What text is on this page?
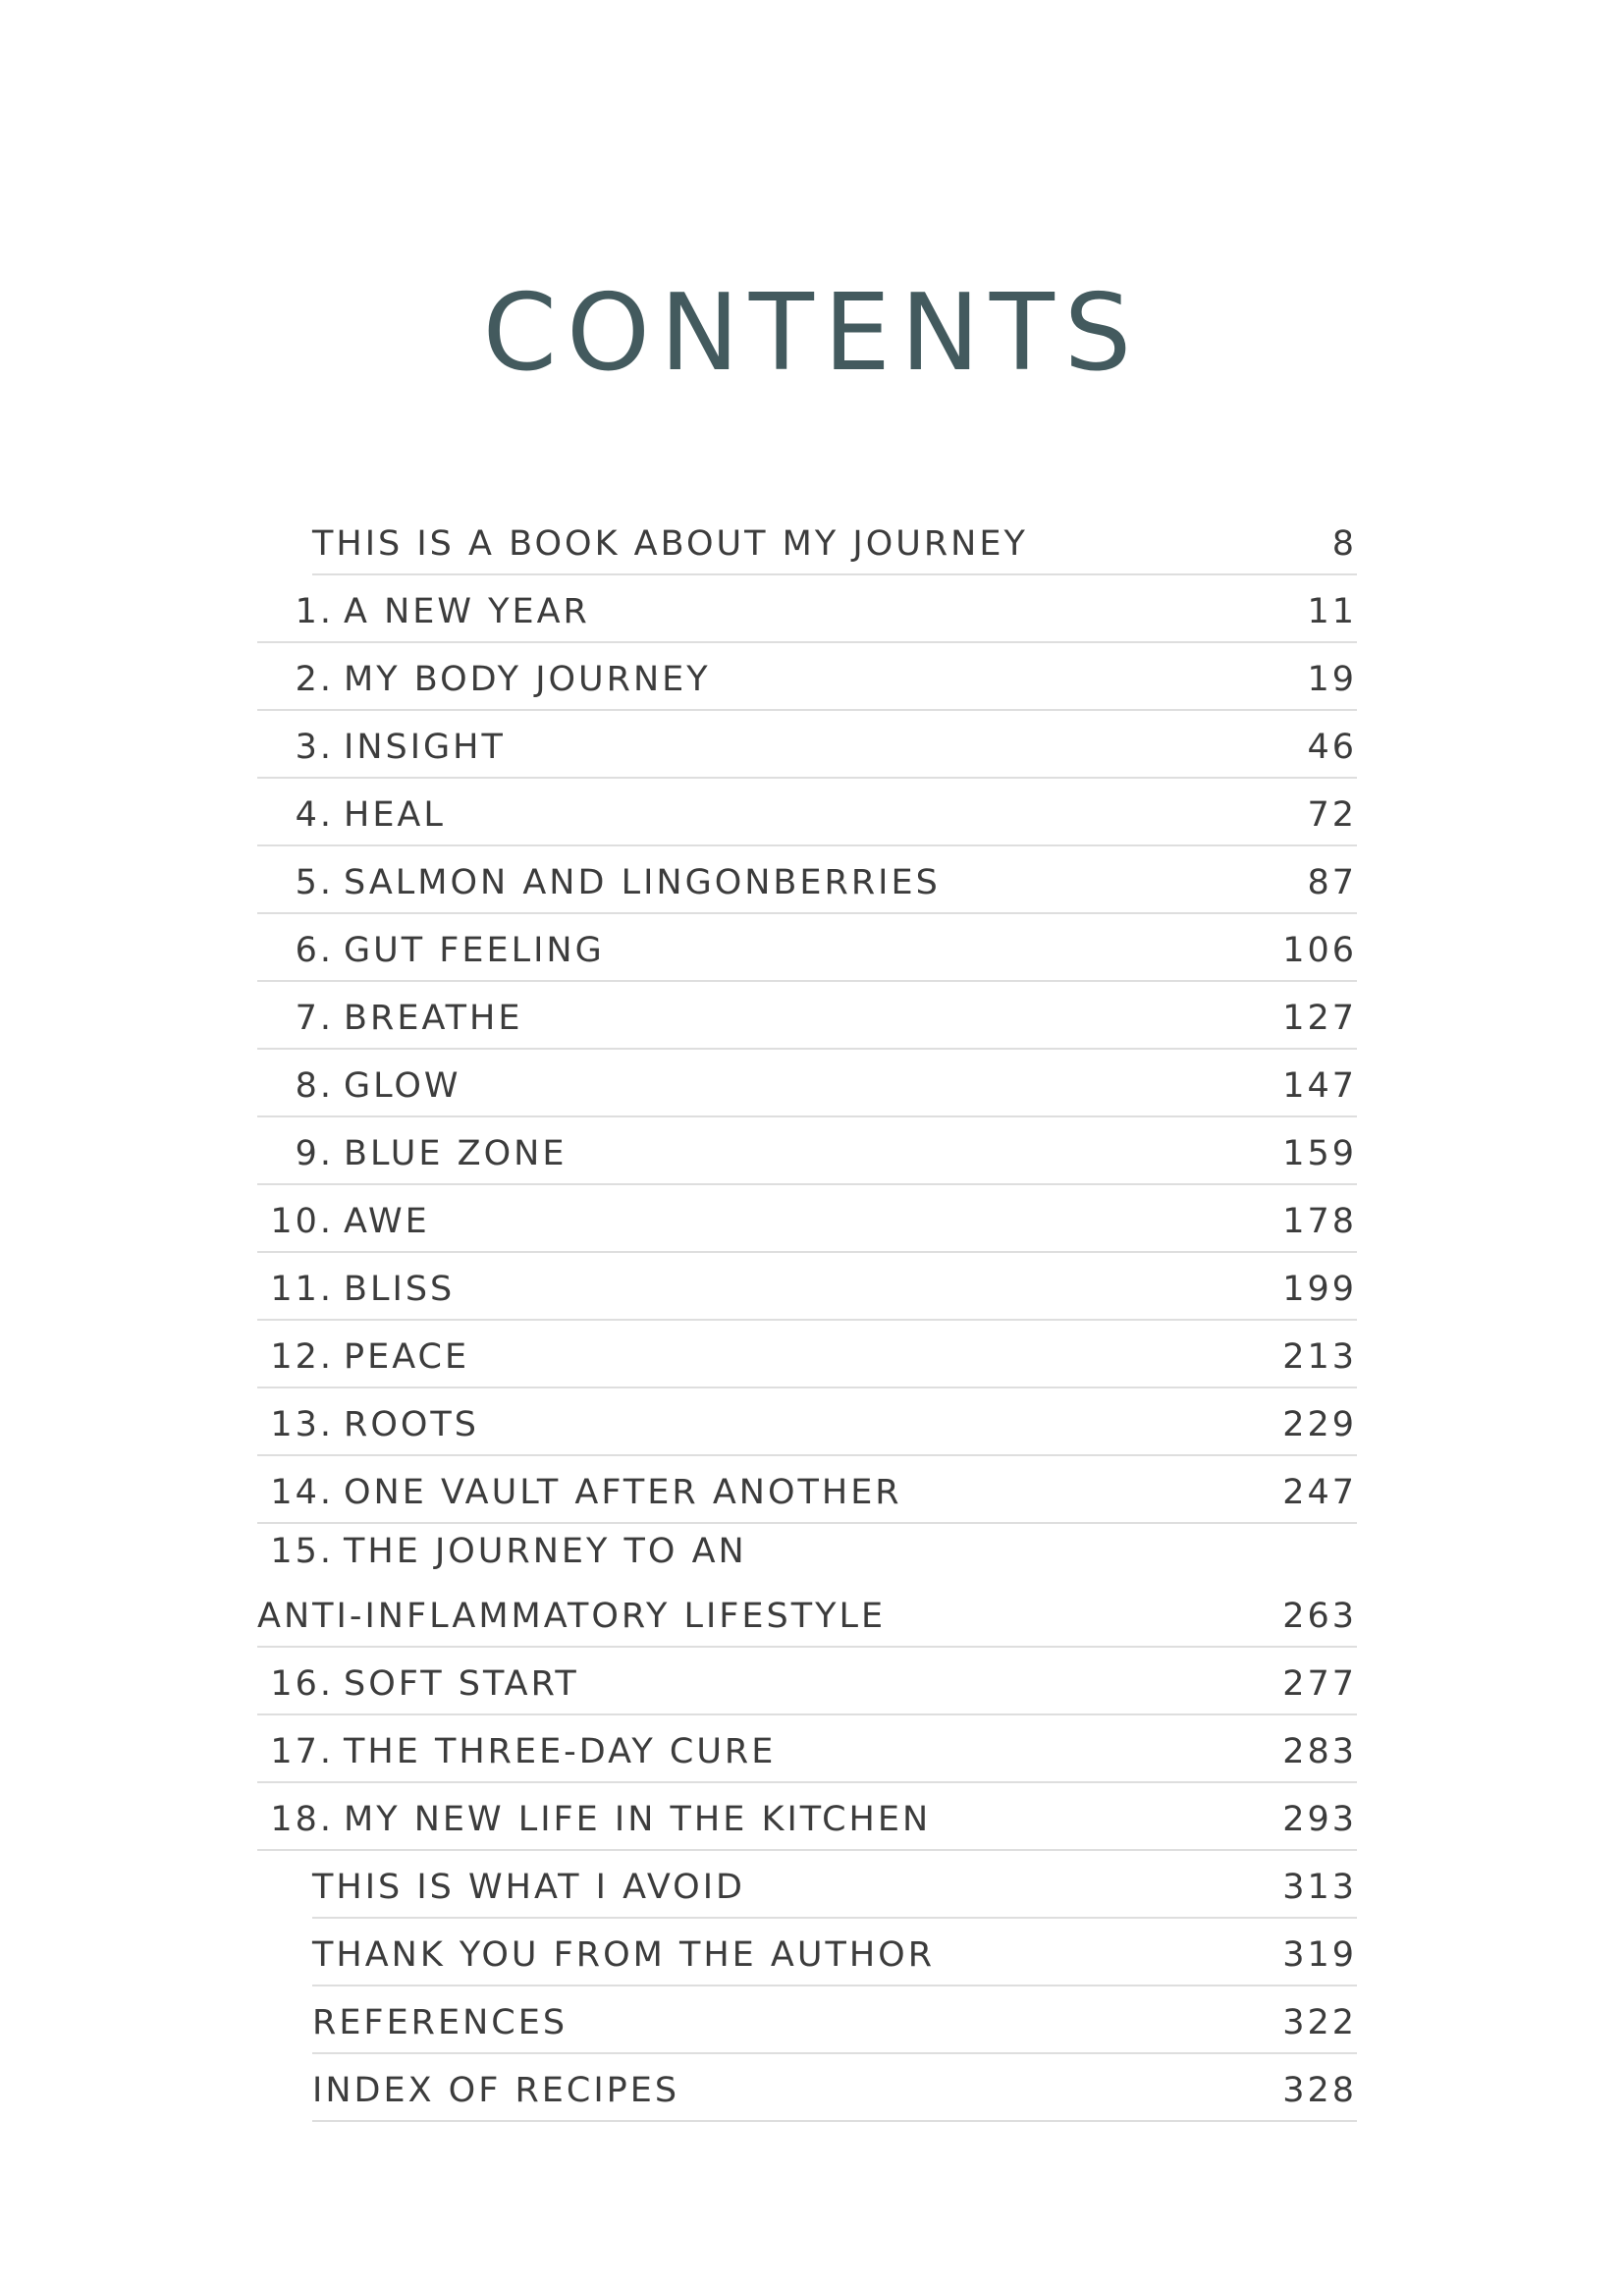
CONTENTS
THIS IS A BOOK ABOUT MY JOURNEY	8
1. A NEW YEAR	11
2. MY BODY JOURNEY	19
3. INSIGHT	46
4. HEAL	72
5. SALMON AND LINGONBERRIES	87
6. GUT FEELING	106
7. BREATHE	127
8. GLOW	147
9. BLUE ZONE	159
10. AWE	178
11. BLISS	199
12. PEACE	213
13. ROOTS	229
14. ONE VAULT AFTER ANOTHER	247
15. THE JOURNEY TO AN
ANTI-INFLAMMATORY LIFESTYLE	263
16. SOFT START	277
17. THE THREE-DAY CURE	283
18. MY NEW LIFE IN THE KITCHEN	293
THIS IS WHAT I AVOID	313
THANK YOU FROM THE AUTHOR	319
REFERENCES	322
INDEX OF RECIPES	328
